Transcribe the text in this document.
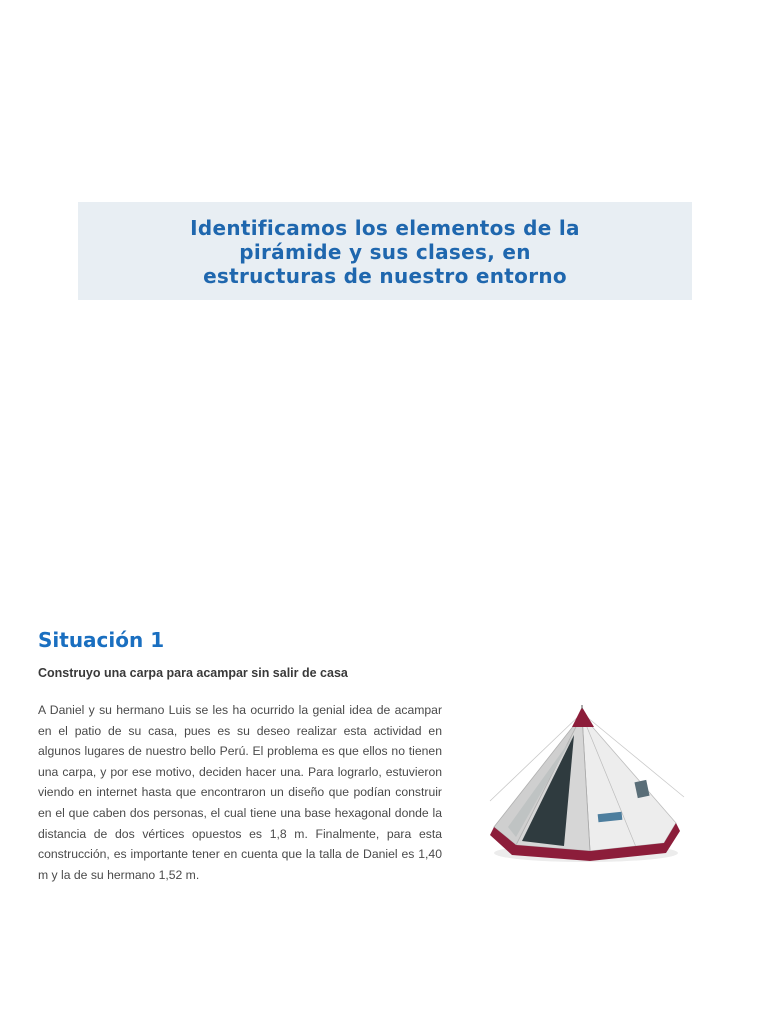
Identificamos los elementos de la
pirámide y sus clases, en
estructuras de nuestro entorno
Situación 1

Construyo una carpa para acampar sin salir de casa

A Daniel y su hermano Luis se les ha ocurrido la genial idea de acampar en el patio de su casa, pues es su deseo realizar esta actividad en algunos lugares de nuestro bello Perú. El problema es que ellos no tienen una carpa, y por ese motivo, deciden hacer una. Para lograrlo, estuvieron viendo en internet hasta que encontraron un diseño que podían construir en el que caben dos personas, el cual tiene una base hexagonal donde la distancia de dos vértices opuestos es 1,8 m. Finalmente, para esta construcción, es importante tener en cuenta que la talla de Daniel es 1,40 m y la de su hermano 1,52 m.
